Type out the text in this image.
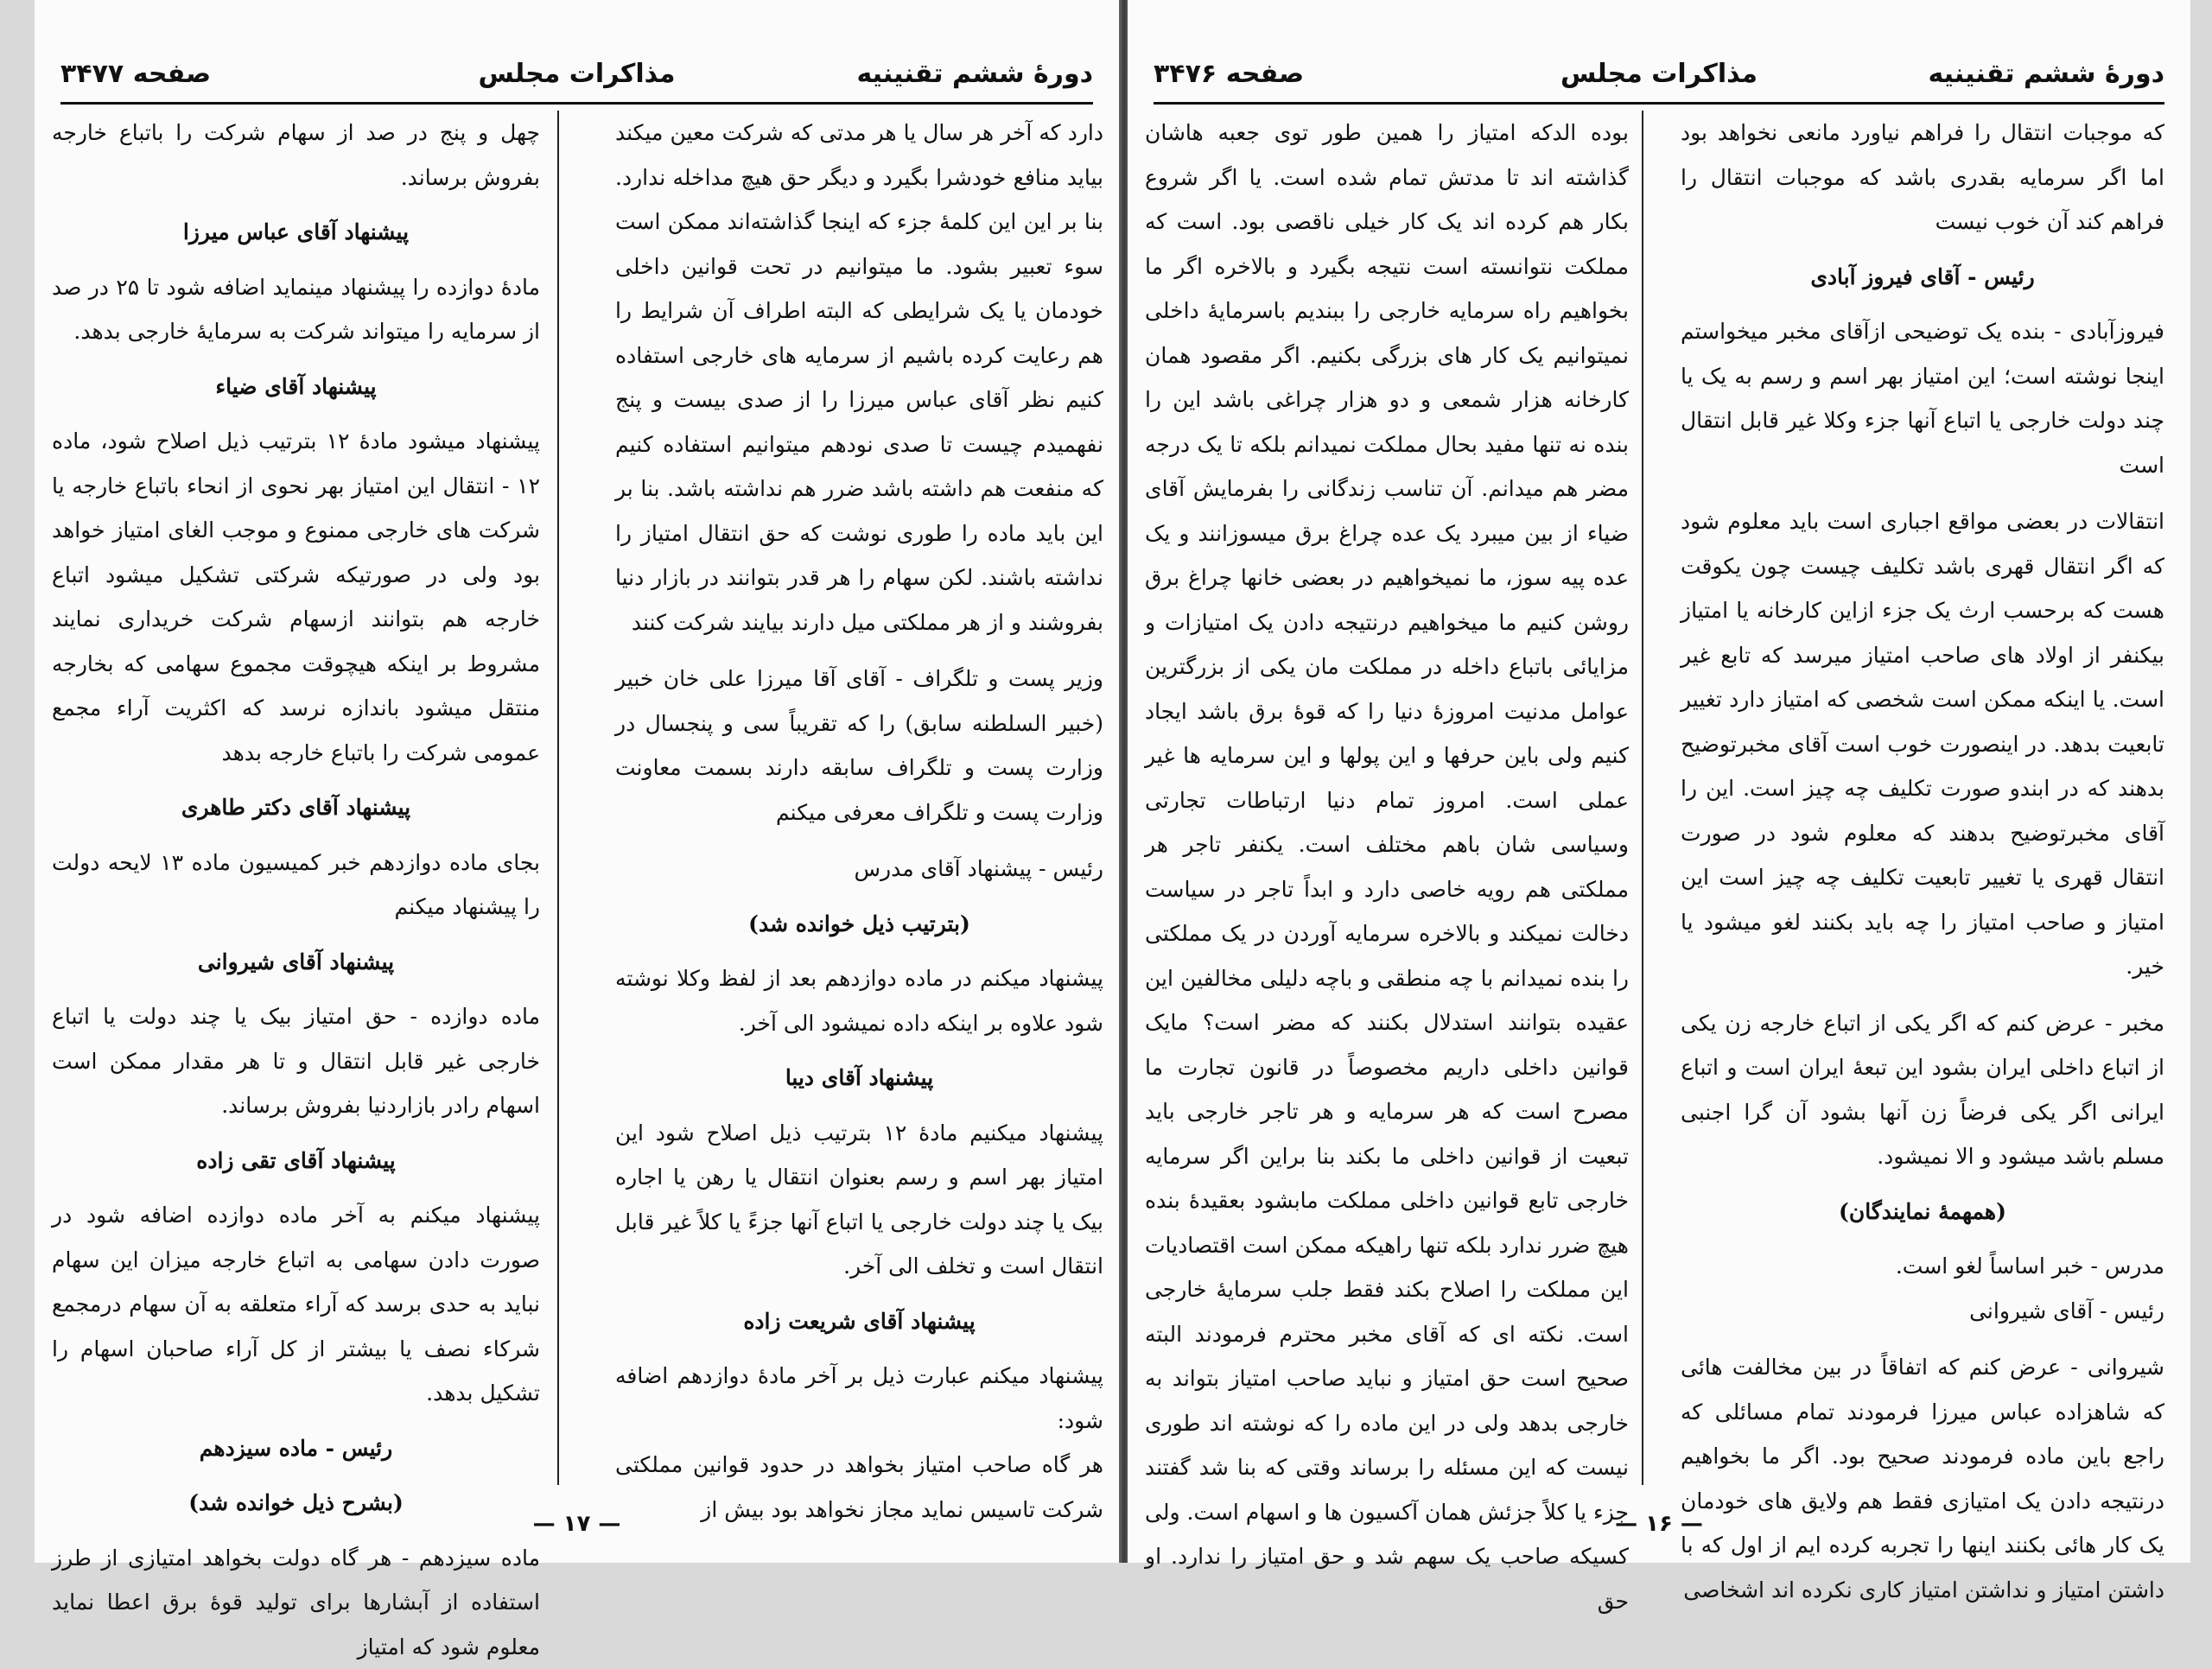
دورهٔ ششم تقنینیه
مذاکرات مجلس
صفحه ۳۴۷۷

دارد که آخر هر سال یا هر مدتی که شرکت معین میکند بیاید منافع خودشرا بگیرد و دیگر حق هیچ مداخله ندارد. بنا بر این این کلمهٔ جزء که اینجا گذاشته‌اند ممکن است سوء تعبیر بشود. ما میتوانیم در تحت قوانین داخلی خودمان یا یک شرایطی که البته اطراف آن شرایط را هم رعایت کرده باشیم از سرمایه های خارجی استفاده کنیم نظر آقای عباس میرزا را از صدی بیست و پنج نفهمیدم چیست تا صدی نودهم میتوانیم استفاده کنیم که منفعت هم داشته باشد ضرر هم نداشته باشد. بنا بر این باید ماده را طوری نوشت که حق انتقال امتیاز را نداشته باشند. لکن سهام را هر قدر بتوانند در بازار دنیا بفروشند و از هر مملکتی میل دارند بیایند شرکت کنند

وزیر پست و تلگراف - آقای آقا میرزا علی خان خبیر (خبیر السلطنه سابق) را که تقریباً سی و پنجسال در وزارت پست و تلگراف سابقه دارند بسمت معاونت وزارت پست و تلگراف معرفی میکنم

رئیس - پیشنهاد آقای مدرس

(بترتیب ذیل خوانده شد)

پیشنهاد میکنم در ماده دوازدهم بعد از لفظ وکلا نوشته شود علاوه بر اینکه داده نمیشود الی آخر.

پیشنهاد آقای دیبا

پیشنهاد میکنیم مادهٔ ۱۲ بترتیب ذیل اصلاح شود این امتیاز بهر اسم و رسم بعنوان انتقال یا رهن یا اجاره بیک یا چند دولت خارجی یا اتباع آنها جزءً یا کلاً غیر قابل انتقال است و تخلف الی آخر.

پیشنهاد آقای شریعت زاده

پیشنهاد میکنم عبارت ذیل بر آخر مادهٔ دوازدهم اضافه شود:

هر گاه صاحب امتیاز بخواهد در حدود قوانین مملکتی شرکت تاسیس نماید مجاز نخواهد بود بیش از

چهل و پنج در صد از سهام شرکت را باتباع خارجه بفروش برساند.

پیشنهاد آقای عباس میرزا

مادهٔ دوازده را پیشنهاد مینماید اضافه شود تا ۲۵ در صد از سرمایه را میتواند شرکت به سرمایهٔ خارجی بدهد.

پیشنهاد آقای ضیاء

پیشنهاد میشود مادهٔ ۱۲ بترتیب ذیل اصلاح شود، ماده ۱۲ - انتقال این امتیاز بهر نحوی از انحاء باتباع خارجه یا شرکت های خارجی ممنوع و موجب الغای امتیاز خواهد بود ولی در صورتیکه شرکتی تشکیل میشود اتباع خارجه هم بتوانند ازسهام شرکت خریداری نمایند مشروط بر اینکه هیچوقت مجموع سهامی که بخارجه منتقل میشود باندازه نرسد که اکثریت آراء مجمع عمومی شرکت را باتباع خارجه بدهد

پیشنهاد آقای دکتر طاهری

بجای ماده دوازدهم خبر کمیسیون ماده ۱۳ لایحه دولت را پیشنهاد میکنم

پیشنهاد آقای شیروانی

ماده دوازده - حق امتیاز بیک یا چند دولت یا اتباع خارجی غیر قابل انتقال و تا هر مقدار ممکن است اسهام رادر بازاردنیا بفروش برساند.

پیشنهاد آقای تقی زاده

پیشنهاد میکنم به آخر ماده دوازده اضافه شود در صورت دادن سهامی به اتباع خارجه میزان این سهام نباید به حدی برسد که آراء متعلقه به آن سهام درمجمع شرکاء نصف یا بیشتر از کل آراء صاحبان اسهام را تشکیل بدهد.

رئیس - ماده سیزدهم

(بشرح ذیل خوانده شد)

ماده سیزدهم - هر گاه دولت بخواهد امتیازی از طرز استفاده از آبشارها برای تولید قوهٔ برق اعطا نماید معلوم شود که امتیاز

— ۱۷ —
دورهٔ ششم تقنینیه
مذاکرات مجلس
صفحه ۳۴۷۶

که موجبات انتقال را فراهم نیاورد مانعی نخواهد بود اما اگر سرمایه بقدری باشد که موجبات انتقال را فراهم کند آن خوب نیست

رئیس - آقای فیروز آبادی

فیروزآبادی - بنده یک توضیحی ازآقای مخبر میخواستم اینجا نوشته است؛ این امتیاز بهر اسم و رسم به یک یا چند دولت خارجی یا اتباع آنها جزء وکلا غیر قابل انتقال است

انتقالات در بعضی مواقع اجباری است باید معلوم شود که اگر انتقال قهری باشد تکلیف چیست چون یکوقت هست که برحسب ارث یک جزء ازاین کارخانه یا امتیاز بیکنفر از اولاد های صاحب امتیاز میرسد که تابع غیر است. یا اینکه ممکن است شخصی که امتیاز دارد تغییر تابعیت بدهد. در اینصورت خوب است آقای مخبرتوضیح بدهند که در ابندو صورت تکلیف چه چیز است. این را آقای مخبرتوضیح بدهند که معلوم شود در صورت انتقال قهری یا تغییر تابعیت تکلیف چه چیز است این امتیاز و صاحب امتیاز را چه باید بکنند لغو میشود یا خیر.

مخبر - عرض کنم که اگر یکی از اتباع خارجه زن یکی از اتباع داخلی ایران بشود این تبعهٔ ایران است و اتباع ایرانی اگر یکی فرضاً زن آنها بشود آن گرا اجنبی مسلم باشد میشود و الا نمیشود.

(همهمهٔ نمایندگان)

مدرس - خبر اساساً لغو است.

رئیس - آقای شیروانی

شیروانی - عرض کنم که اتفاقاً در بین مخالفت هائی که شاهزاده عباس میرزا فرمودند تمام مسائلی که راجع باین ماده فرمودند صحیح بود. اگر ما بخواهیم درنتیجه دادن یک امتیازی فقط هم ولایق های خودمان یک کار هائی بکنند اینها را تجربه کرده ایم از اول که با داشتن امتیاز و نداشتن امتیاز کاری نکرده اند اشخاصی

بوده الدکه امتیاز را همین طور توی جعبه هاشان گذاشته اند تا مدتش تمام شده است. یا اگر شروع بکار هم کرده اند یک کار خیلی ناقصی بود. است که مملکت نتوانسته است نتیجه بگیرد و بالاخره اگر ما بخواهیم راه سرمایه خارجی را ببندیم باسرمایهٔ داخلی نمیتوانیم یک کار های بزرگی بکنیم. اگر مقصود همان کارخانه هزار شمعی و دو هزار چراغی باشد این را بنده نه تنها مفید بحال مملکت نمیدانم بلکه تا یک درجه مضر هم میدانم. آن تناسب زندگانی را بفرمایش آقای ضیاء از بین میبرد یک عده چراغ برق میسوزانند و یک عده پیه سوز، ما نمیخواهیم در بعضی خانها چراغ برق روشن کنیم ما میخواهیم درنتیجه دادن یک امتیازات و مزایائی باتباع داخله در مملکت مان یکی از بزرگترین عوامل مدنیت امروزهٔ دنیا را که قوهٔ برق باشد ایجاد کنیم ولی باین حرفها و این پولها و این سرمایه ها غیر عملی است. امروز تمام دنیا ارتباطات تجارتی وسیاسی شان باهم مختلف است. یکنفر تاجر هر مملکتی هم رویه خاصی دارد و ابداً تاجر در سیاست دخالت نمیکند و بالاخره سرمایه آوردن در یک مملکتی را بنده نمیدانم با چه منطقی و باچه دلیلی مخالفین این عقیده بتوانند استدلال بکنند که مضر است؟ مایک قوانین داخلی داریم مخصوصاً در قانون تجارت ما مصرح است که هر سرمایه و هر تاجر خارجی باید تبعیت از قوانین داخلی ما بکند بنا براین اگر سرمایه خارجی تابع قوانین داخلی مملکت مابشود بعقیدهٔ بنده هیچ ضرر ندارد بلکه تنها راهیکه ممکن است اقتصادیات این مملکت را اصلاح بکند فقط جلب سرمایهٔ خارجی است. نکته ای که آقای مخبر محترم فرمودند البته صحیح است حق امتیاز و نباید صاحب امتیاز بتواند به خارجی بدهد ولی در این ماده را که نوشته اند طوری نیست که این مسئله را برساند وقتی که بنا شد گفتند جزء یا کلاً جزئش همان آکسیون ها و اسهام است. ولی کسیکه صاحب یک سهم شد و حق امتیاز را ندارد. او حق

— ۱۶ —
